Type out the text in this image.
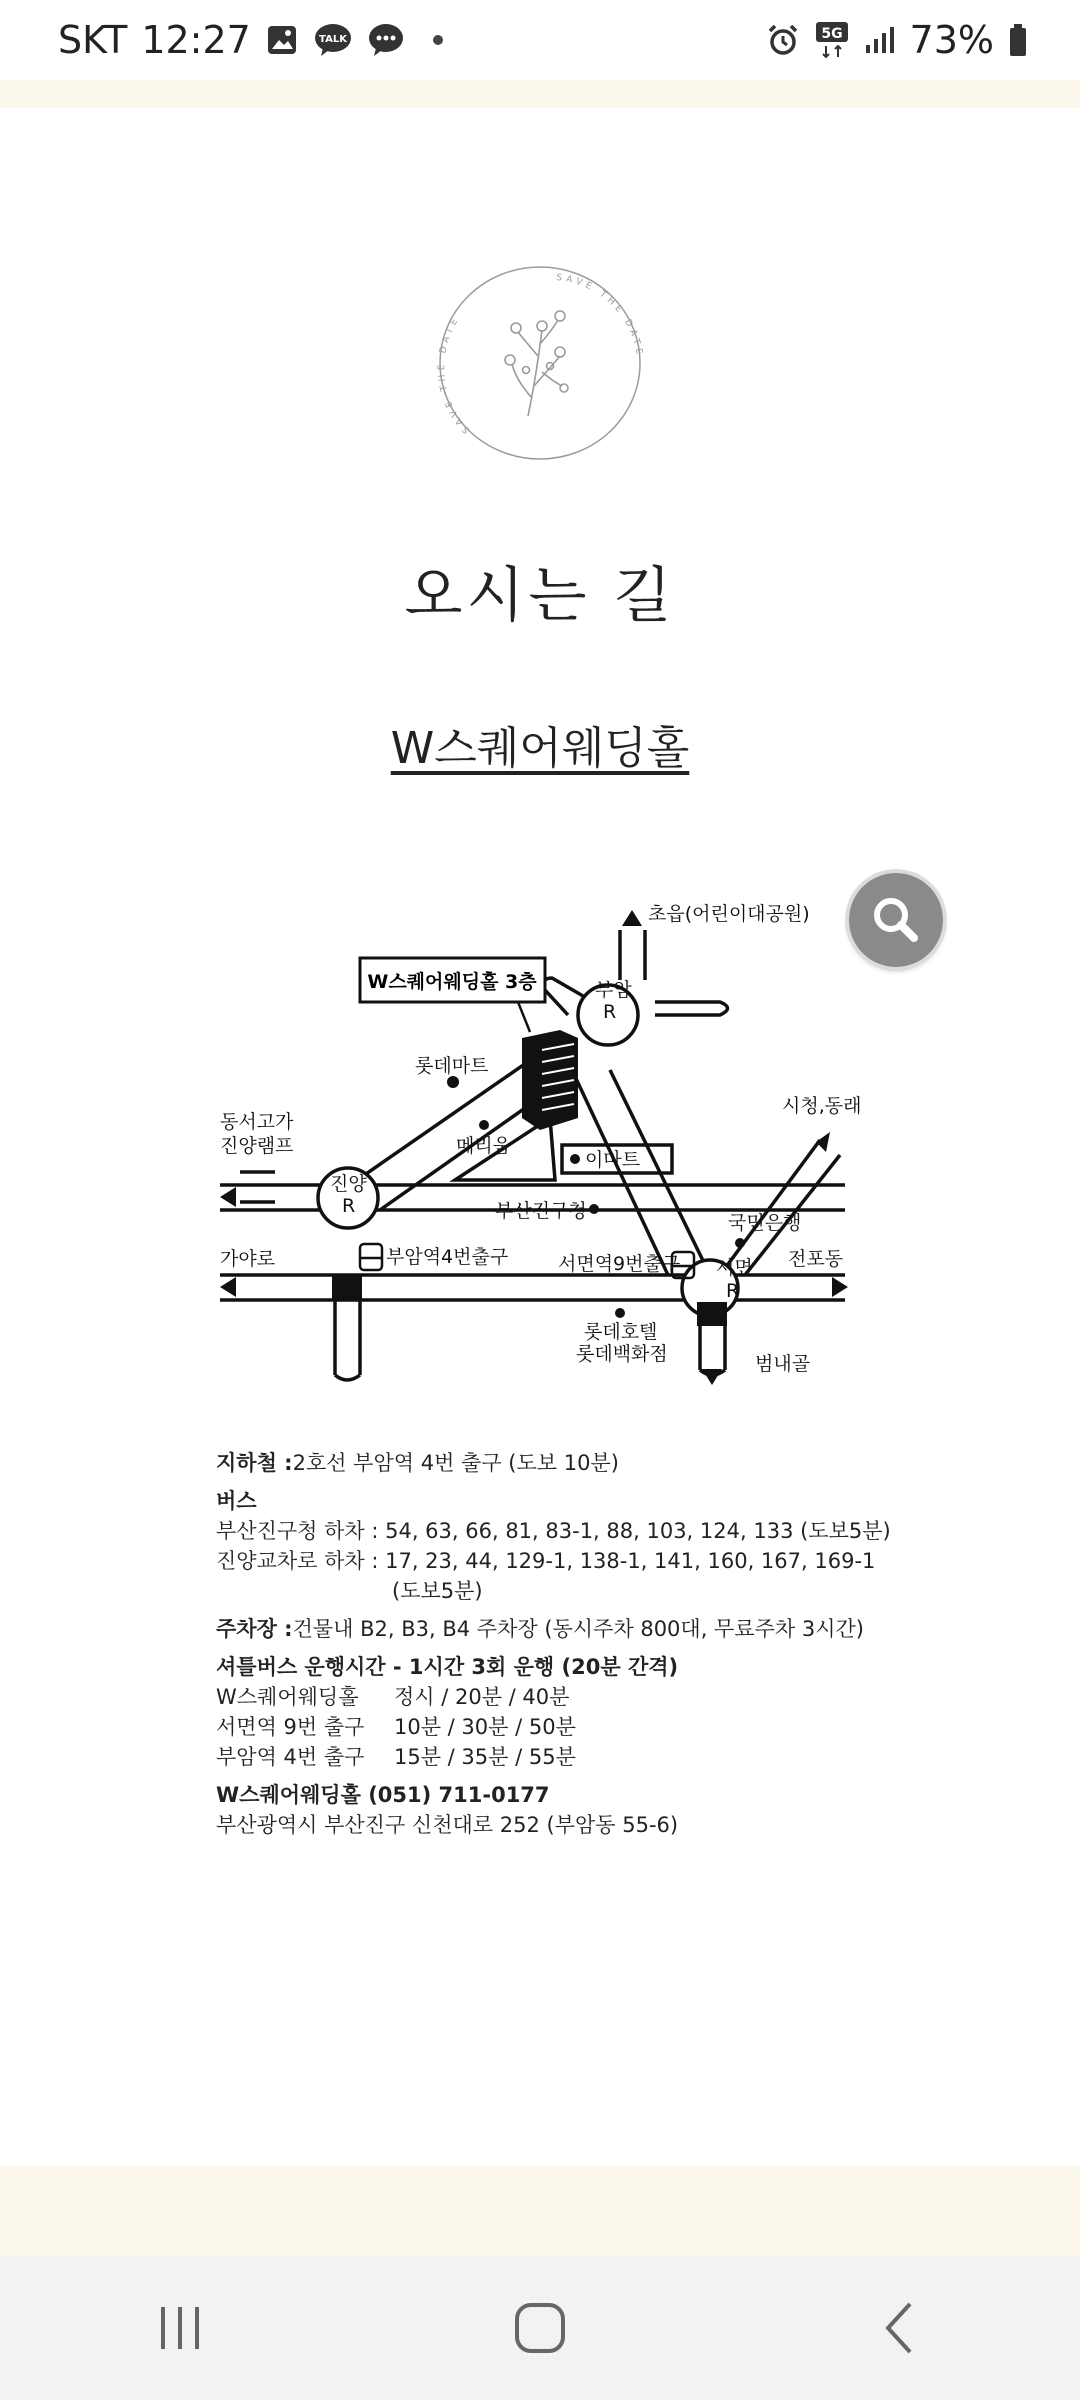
SKT 12:27	TALK	5G 73%
SAVE THE DATE
SAVE THE DATE
오시는 길
W스퀘어웨딩홀
W스퀘어웨딩홀 3층
초읍(어린이대공원)
부암
R
롯데마트
동서고가
진양램프	메리움
이마트
시청,동래
진양
R	부산진구청
국민은행
가야로	부암역4번출구	서면역9번출구 서면
R
전포동
롯데호텔
롯데백화점	범내골
지하철 : 2호선 부암역 4번 출구 (도보 10분)
버스
부산진구청 하차 : 54, 63, 66, 81, 83-1, 88, 103, 124, 133 (도보5분)
진양교차로 하차 : 17, 23, 44, 129-1, 138-1, 141, 160, 167, 169-1
(도보5분)
주차장 : 건물내 B2, B3, B4 주차장 (동시주차 800대, 무료주차 3시간)
셔틀버스 운행시간 - 1시간 3회 운행 (20분 간격)
W스퀘어웨딩홀	정시 / 20분 / 40분
서면역 9번 출구	10분 / 30분 / 50분
부암역 4번 출구	15분 / 35분 / 55분
W스퀘어웨딩홀 (051) 711-0177
부산광역시 부산진구 신천대로 252 (부암동 55-6)
